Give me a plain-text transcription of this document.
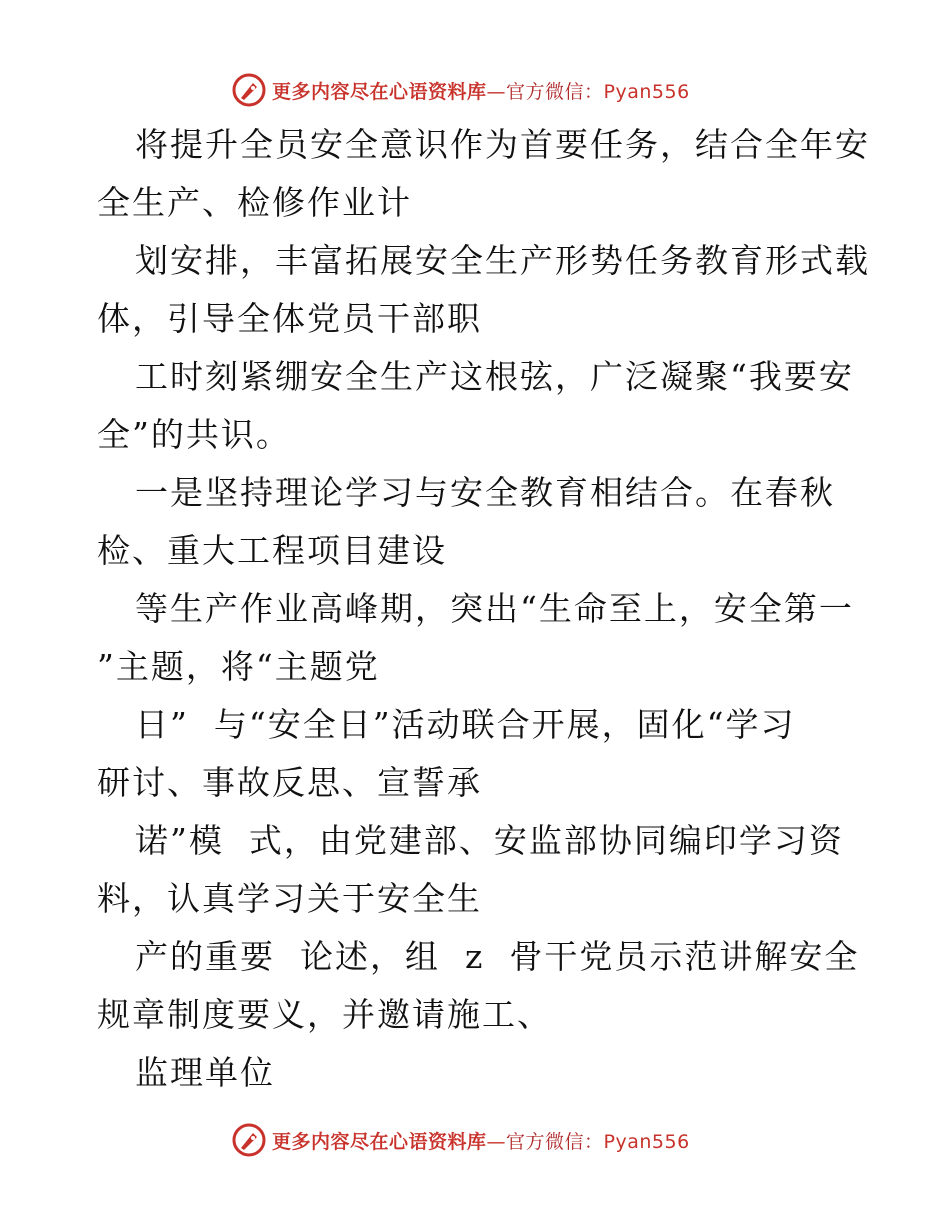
更多内容尽在心语资料库—官方微信：Pyan556
将提升全员安全意识作为首要任务，结合全年安
全生产、检修作业计
划安排，丰富拓展安全生产形势任务教育形式载
体，引导全体党员干部职
工时刻紧绷安全生产这根弦，广泛凝聚“我要安
全”的共识。
一是坚持理论学习与安全教育相结合。在春秋
检、重大工程项目建设
等生产作业高峰期，突出“生命至上，安全第一
”主题，将“主题党
日”  与“安全日”活动联合开展，固化“学习
研讨、事故反思、宣誓承
诺”模  式，由党建部、安监部协同编印学习资
料，认真学习关于安全生
产的重要  论述，组  z  骨干党员示范讲解安全
规章制度要义，并邀请施工、
监理单位
更多内容尽在心语资料库—官方微信：Pyan556
